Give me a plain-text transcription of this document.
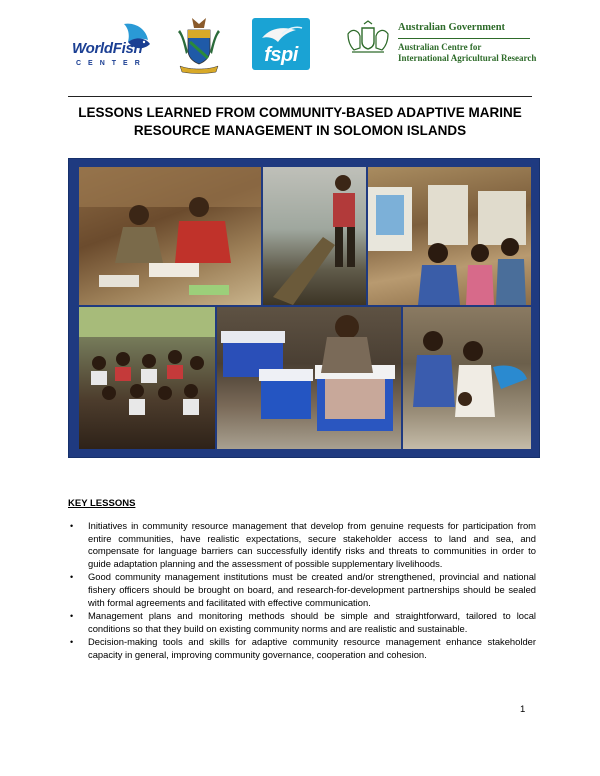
WorldFish
CENTER	fspi
Australian Government
Australian Centre for
International Agricultural Research
LESSONS LEARNED FROM COMMUNITY-BASED ADAPTIVE MARINE
RESOURCE MANAGEMENT IN SOLOMON ISLANDS
KEY LESSONS
• Initiatives in community resource management that develop from genuine requests for participation from entire communities, have realistic expectations, secure stakeholder access to land and sea, and compensate for language barriers can successfully identify risks and threats to communities in order to guide adaptation planning and the assessment of possible supplementary livelihoods.
• Good community management institutions must be created and/or strengthened, provincial and national fishery officers should be brought on board, and research-for-development partnerships should be sealed with formal agreements and facilitated with effective communication.
• Management plans and monitoring methods should be simple and straightforward, tailored to local conditions so that they build on existing community norms and are realistic and sustainable.
• Decision-making tools and skills for adaptive community resource management enhance stakeholder capacity in general, improving community governance, cooperation and cohesion.
1
